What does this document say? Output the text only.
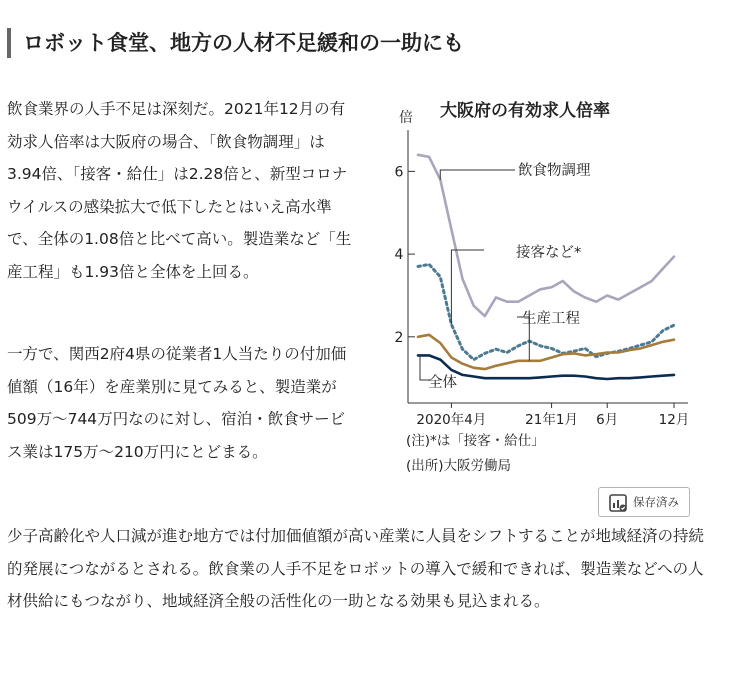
ロボット食堂、地方の人材不足緩和の一助にも

飲食業界の人手不足は深刻だ。2021年12月の有効求人倍率は大阪府の場合、「飲食物調理」は3.94倍、「接客・給仕」は2.28倍と、新型コロナウイルスの感染拡大で低下したとはいえ高水準で、全体の1.08倍と比べて高い。製造業など「生産工程」も1.93倍と全体を上回る。

一方で、関西2府4県の従業者1人当たりの付加価値額（16年）を産業別に見てみると、製造業が509万～744万円なのに対し、宿泊・飲食サービス業は175万～210万円にとどまる。

少子高齢化や人口減が進む地方では付加価値額が高い産業に人員をシフトすることが地域経済の持続的発展につながるとされる。飲食業の人手不足をロボットの導入で緩和できれば、製造業などへの人材供給にもつながり、地域経済全般の活性化の一助となる効果も見込まれる。

大阪府の有効求人倍率
倍
2
4
6	飲食物調理
接客など*
生産工程
全体
2020年4月	21年1月 6月	12月
(注)*は「接客・給仕」
(出所)大阪労働局
保存済み
